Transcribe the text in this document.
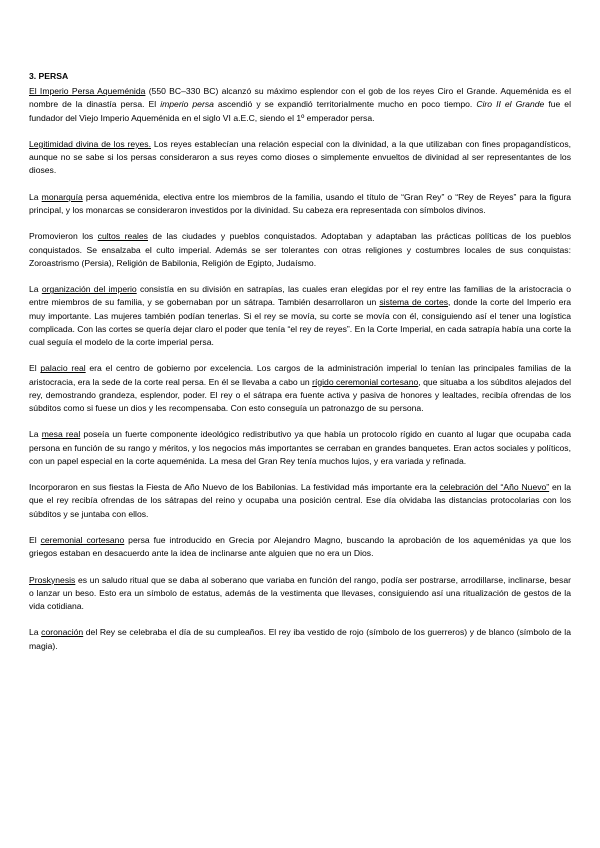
3. PERSA

El Imperio Persa Aqueménida (550 BC–330 BC) alcanzó su máximo esplendor con el gob de los reyes Ciro el Grande. Aqueménida es el nombre de la dinastía persa. El imperio persa ascendió y se expandió territorialmente mucho en poco tiempo. Ciro II el Grande fue el fundador del Viejo Imperio Aqueménida en el siglo VI a.E.C, siendo el 1º emperador persa.

Legitimidad divina de los reyes. Los reyes establecían una relación especial con la divinidad, a la que utilizaban con fines propagandísticos, aunque no se sabe si los persas consideraron a sus reyes como dioses o simplemente envueltos de divinidad al ser representantes de los dioses.

La monarquía persa aqueménida, electiva entre los miembros de la familia, usando el título de “Gran Rey” o “Rey de Reyes” para la figura principal, y los monarcas se consideraron investidos por la divinidad. Su cabeza era representada con símbolos divinos.

Promovieron los cultos reales de las ciudades y pueblos conquistados. Adoptaban y adaptaban las prácticas políticas de los pueblos conquistados. Se ensalzaba el culto imperial. Además se ser tolerantes con otras religiones y costumbres locales de sus conquistas: Zoroastrismo (Persia), Religión de Babilonia, Religión de Egipto, Judaísmo.

La organización del imperio consistía en su división en satrapías, las cuales eran elegidas por el rey entre las familias de la aristocracia o entre miembros de su familia, y se gobernaban por un sátrapa. También desarrollaron un sistema de cortes, donde la corte del Imperio era muy importante. Las mujeres también podían tenerlas. Si el rey se movía, su corte se movía con él, consiguiendo así el tener una logística complicada. Con las cortes se quería dejar claro el poder que tenía “el rey de reyes”. En la Corte Imperial, en cada satrapía había una corte la cual seguía el modelo de la corte imperial persa.

El palacio real era el centro de gobierno por excelencia. Los cargos de la administración imperial lo tenían las principales familias de la aristocracia, era la sede de la corte real persa. En él se llevaba a cabo un rígido ceremonial cortesano, que situaba a los súbditos alejados del rey, demostrando grandeza, esplendor, poder. El rey o el sátrapa era fuente activa y pasiva de honores y lealtades, recibía ofrendas de los súbditos como si fuese un dios y les recompensaba. Con esto conseguía un patronazgo de su persona.

La mesa real poseía un fuerte componente ideológico redistributivo ya que había un protocolo rígido en cuanto al lugar que ocupaba cada persona en función de su rango y méritos, y los negocios más importantes se cerraban en grandes banquetes. Eran actos sociales y políticos, con un papel especial en la corte aqueménida. La mesa del Gran Rey tenía muchos lujos, y era variada y refinada.

Incorporaron en sus fiestas la Fiesta de Año Nuevo de los Babilonias. La festividad más importante era la celebración del “Año Nuevo” en la que el rey recibía ofrendas de los sátrapas del reino y ocupaba una posición central. Ese día olvidaba las distancias protocolarias con los súbditos y se juntaba con ellos.

El ceremonial cortesano persa fue introducido en Grecia por Alejandro Magno, buscando la aprobación de los aqueménidas ya que los griegos estaban en desacuerdo ante la idea de inclinarse ante alguien que no era un Dios.

Proskynesis es un saludo ritual que se daba al soberano que variaba en función del rango, podía ser postrarse, arrodillarse, inclinarse, besar o lanzar un beso. Esto era un símbolo de estatus, además de la vestimenta que llevases, consiguiendo así una ritualización de gestos de la vida cotidiana.

La coronación del Rey se celebraba el día de su cumpleaños. El rey iba vestido de rojo (símbolo de los guerreros) y de blanco (símbolo de la magia).
